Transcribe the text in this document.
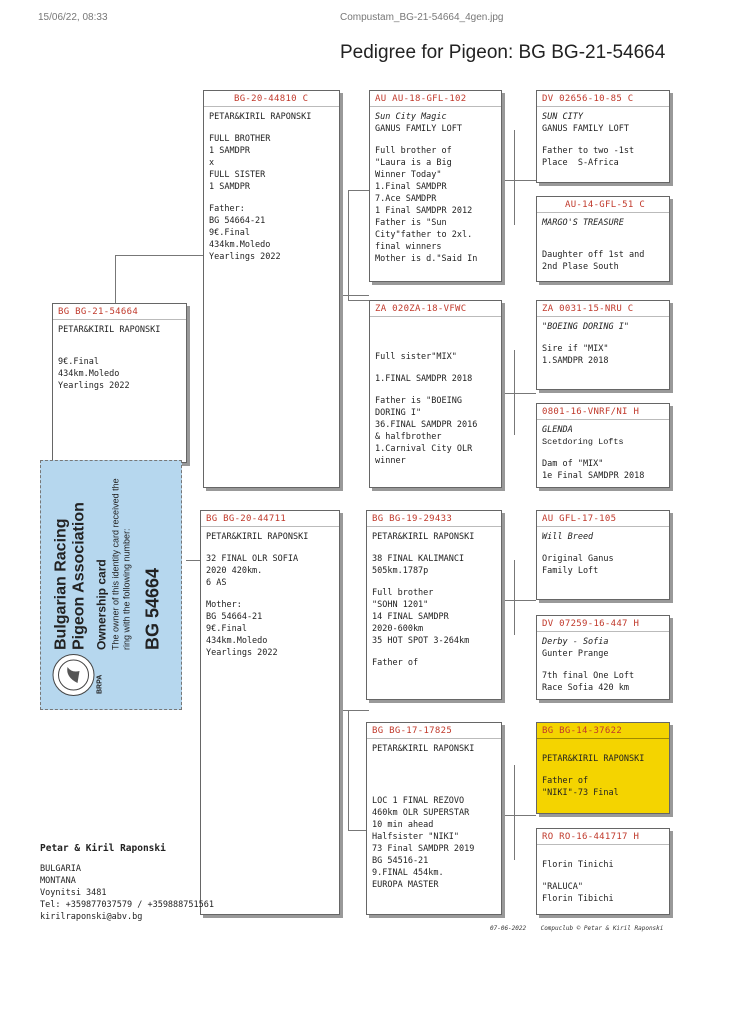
15/06/22, 08:33	Compustam_BG-21-54664_4gen.jpg
Pedigree for Pigeon: BG BG-21-54664
BG BG-21-54664
PETAR&KIRIL RAPONSKI
9€.Final
434km.Moledo
Yearlings 2022
BG-20-44810 C
PETAR&KIRIL RAPONSKI
FULL BROTHER
1 SAMDPR
x
FULL SISTER
1 SAMDPR
Father:
BG 54664-21
9€.Final
434km.Moledo
Yearlings 2022
BG BG-20-44711
PETAR&KIRIL RAPONSKI
32 FINAL OLR SOFIA
2020 420km.
6 AS
Mother:
BG 54664-21
9€.Final
434km.Moledo
Yearlings 2022
AU AU-18-GFL-102
Sun City Magic
GANUS FAMILY LOFT
Full brother of
"Laura is a Big
Winner Today"
1.Final SAMDPR
7.Ace SAMDPR
1 Final SAMDPR 2012
Father is "Sun
City"father to 2xl.
final winners
Mother is d."Said In
ZA 020ZA-18-VFWC
Full sister"MIX"
1.FINAL SAMDPR 2018
Father is "BOEING
DORING I"
36.FINAL SAMDPR 2016
& halfbrother
1.Carnival City OLR
winner
BG BG-19-29433
PETAR&KIRIL RAPONSKI
38 FINAL KALIMANCI
505km.1787p
Full brother
"SOHN 1201"
14 FINAL SAMDPR
2020-600km
35 HOT SPOT 3-264km
Father of
BG BG-17-17825
PETAR&KIRIL RAPONSKI
LOC 1 FINAL REZOVO
460km OLR SUPERSTAR
10 min ahead
Halfsister "NIKI"
73 Final SAMDPR 2019
BG 54516-21
9.FINAL 454km.
EUROPA MASTER
DV 02656-10-85 C
SUN CITY
GANUS FAMILY LOFT
Father to two -1st
Place  S-Africa
AU-14-GFL-51 C
MARGO'S TREASURE
Daughter off 1st and
2nd Plase South
ZA 0031-15-NRU C
"BOEING DORING I"
Sire if "MIX"
1.SAMDPR 2018
0801-16-VNRF/NI H
GLENDA
Scetdoring Lofts
Dam of "MIX"
1e Final SAMDPR 2018
AU GFL-17-105
Will Breed
Original Ganus
Family Loft
DV 07259-16-447 H
Derby - Sofia
Gunter Prange
7th final One Loft
Race Sofia 420 km
BG BG-14-37622
PETAR&KIRIL RAPONSKI
Father of
"NIKI"-73 Final
RO RO-16-441717 H
Florin Tinichi
"RALUCA"
Florin Tibichi
BRPA
Bulgarian Racing Pigeon Association Ownership card The owner of this identity card received the ring with the following number: BG 54664
Petar & Kiril Raponski
BULGARIA
MONTANA
Voynitsi 3481
Tel: +359877037579 / +359888751561
kirilraponski@abv.bg
07-06-2022 Compuclub © Petar & Kiril Raponski
